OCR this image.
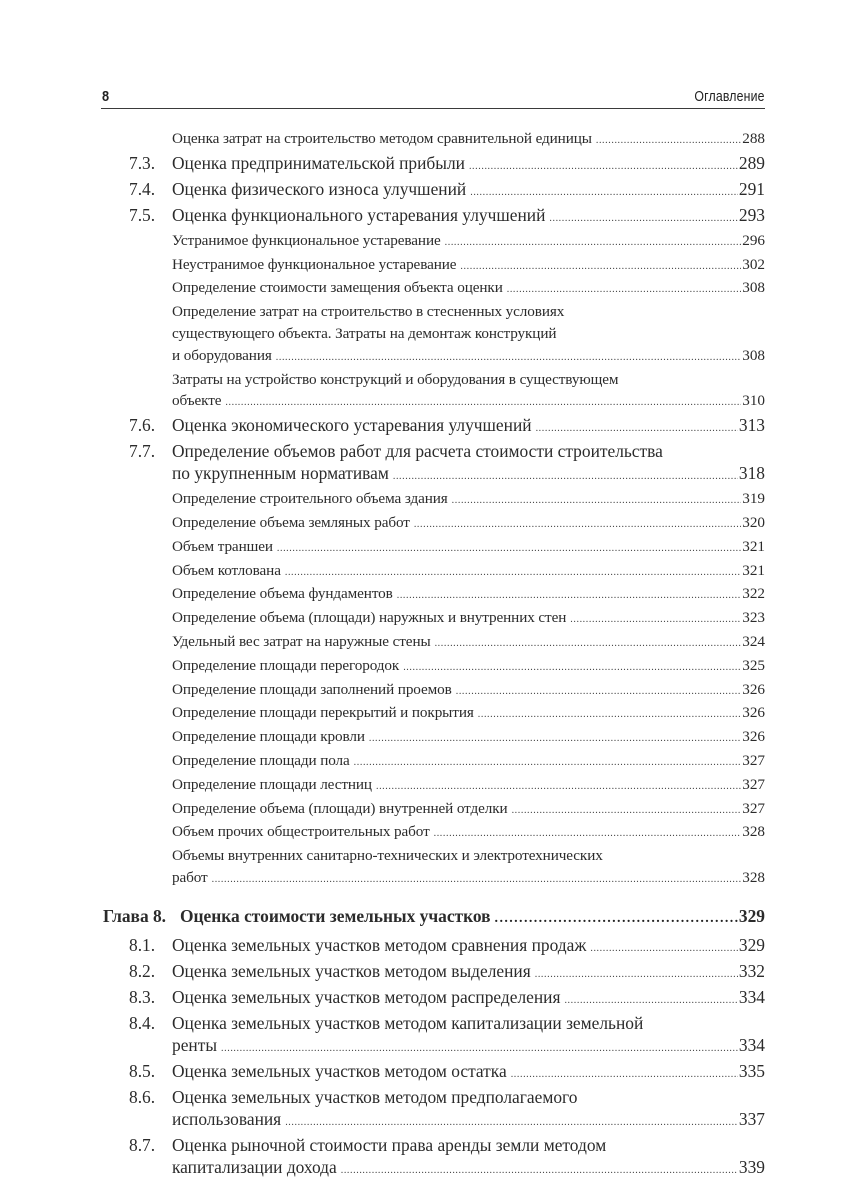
8	Оглавление
Оценка затрат на строительство методом сравнительной единицы .....	288
7.3. Оценка предпринимательской прибыли .....	289
7.4. Оценка физического износа улучшений .....	291
7.5. Оценка функционального устаревания улучшений .....	293
Устранимое функциональное устаревание .....	296
Неустранимое функциональное устаревание .....	302
Определение стоимости замещения объекта оценки .....	308
Определение затрат на строительство в стесненных условиях
существующего объекта. Затраты на демонтаж конструкций
и оборудования .....	308
Затраты на устройство конструкций и оборудования в существующем
объекте .....	310
7.6. Оценка экономического устаревания улучшений .....	313
7.7. Определение объемов работ для расчета стоимости строительства
по укрупненным нормативам .....	318
Определение строительного объема здания .....	319
Определение объема земляных работ .....	320
Объем траншеи .....	321
Объем котлована .....	321
Определение объема фундаментов .....	322
Определение объема (площади) наружных и внутренних стен .....	323
Удельный вес затрат на наружные стены .....	324
Определение площади перегородок .....	325
Определение площади заполнений проемов .....	326
Определение площади перекрытий и покрытия .....	326
Определение площади кровли .....	326
Определение площади пола .....	327
Определение площади лестниц .....	327
Определение объема (площади) внутренней отделки .....	327
Объем прочих общестроительных работ .....	328
Объемы внутренних санитарно-технических и электротехнических
работ .....	328
Глава 8. Оценка стоимости земельных участков .....	329
8.1. Оценка земельных участков методом сравнения продаж .....	329
8.2. Оценка земельных участков методом выделения .....	332
8.3. Оценка земельных участков методом распределения .....	334
8.4. Оценка земельных участков методом капитализации земельной
ренты .....	334
8.5. Оценка земельных участков методом остатка .....	335
8.6. Оценка земельных участков методом предполагаемого
использования .....	337
8.7. Оценка рыночной стоимости права аренды земли методом
капитализации дохода .....	339
